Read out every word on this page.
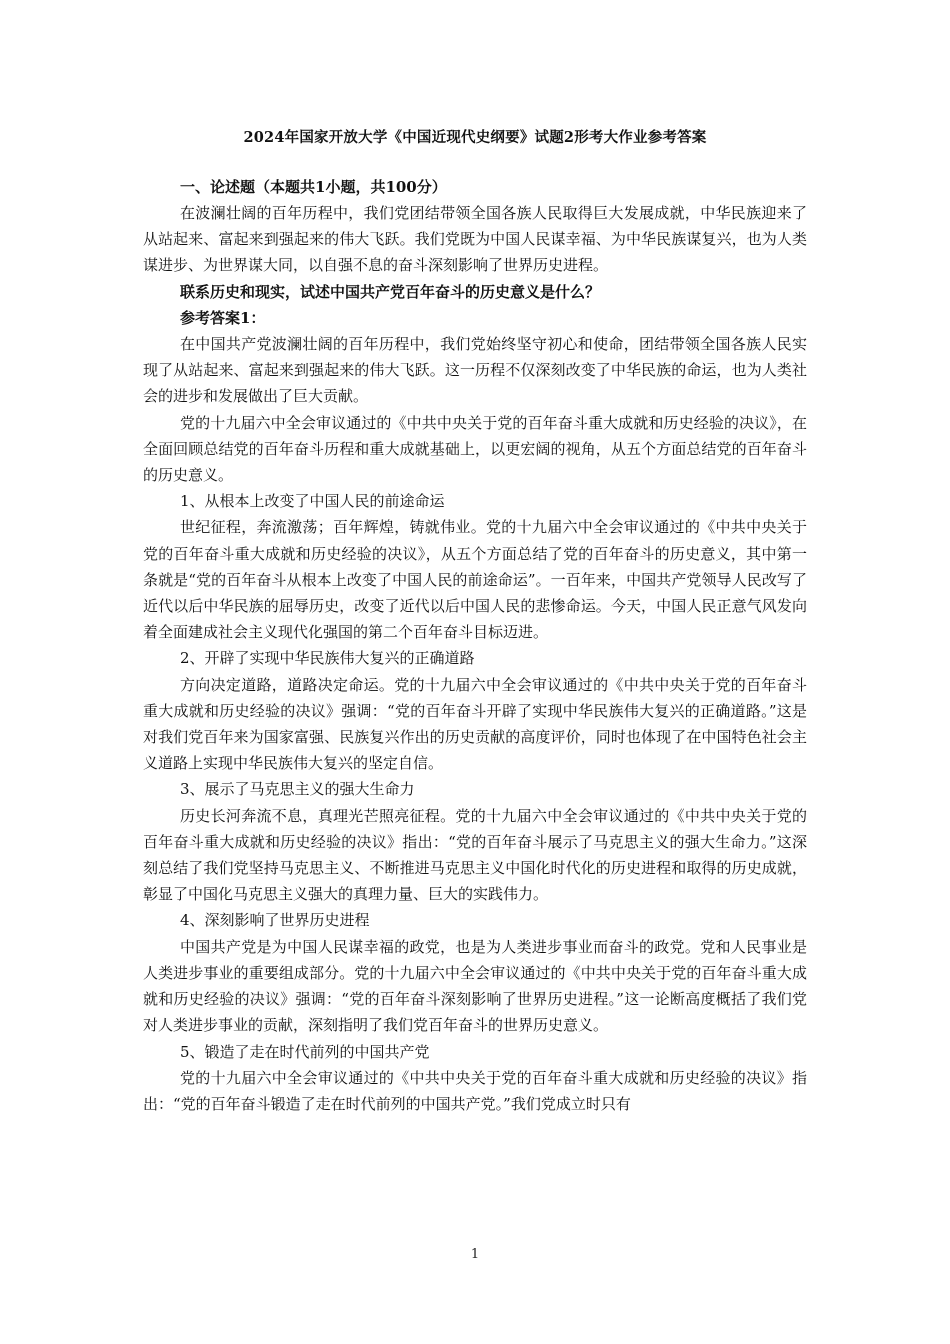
2024年国家开放大学《中国近现代史纲要》试题2形考大作业参考答案
一、论述题（本题共1小题，共100分）

在波澜壮阔的百年历程中，我们党团结带领全国各族人民取得巨大发展成就，中华民族迎来了从站起来、富起来到强起来的伟大飞跃。我们党既为中国人民谋幸福、为中华民族谋复兴，也为人类谋进步、为世界谋大同，以自强不息的奋斗深刻影响了世界历史进程。

联系历史和现实，试述中国共产党百年奋斗的历史意义是什么？

参考答案1：

在中国共产党波澜壮阔的百年历程中，我们党始终坚守初心和使命，团结带领全国各族人民实现了从站起来、富起来到强起来的伟大飞跃。这一历程不仅深刻改变了中华民族的命运，也为人类社会的进步和发展做出了巨大贡献。

党的十九届六中全会审议通过的《中共中央关于党的百年奋斗重大成就和历史经验的决议》，在全面回顾总结党的百年奋斗历程和重大成就基础上，以更宏阔的视角，从五个方面总结党的百年奋斗的历史意义。

1、从根本上改变了中国人民的前途命运

世纪征程，奔流激荡；百年辉煌，铸就伟业。党的十九届六中全会审议通过的《中共中央关于党的百年奋斗重大成就和历史经验的决议》，从五个方面总结了党的百年奋斗的历史意义，其中第一条就是“党的百年奋斗从根本上改变了中国人民的前途命运”。一百年来，中国共产党领导人民改写了近代以后中华民族的屈辱历史，改变了近代以后中国人民的悲惨命运。今天，中国人民正意气风发向着全面建成社会主义现代化强国的第二个百年奋斗目标迈进。

2、开辟了实现中华民族伟大复兴的正确道路

方向决定道路，道路决定命运。党的十九届六中全会审议通过的《中共中央关于党的百年奋斗重大成就和历史经验的决议》强调：“党的百年奋斗开辟了实现中华民族伟大复兴的正确道路。”这是对我们党百年来为国家富强、民族复兴作出的历史贡献的高度评价，同时也体现了在中国特色社会主义道路上实现中华民族伟大复兴的坚定自信。

3、展示了马克思主义的强大生命力

历史长河奔流不息，真理光芒照亮征程。党的十九届六中全会审议通过的《中共中央关于党的百年奋斗重大成就和历史经验的决议》指出：“党的百年奋斗展示了马克思主义的强大生命力。”这深刻总结了我们党坚持马克思主义、不断推进马克思主义中国化时代化的历史进程和取得的历史成就，彰显了中国化马克思主义强大的真理力量、巨大的实践伟力。

4、深刻影响了世界历史进程

中国共产党是为中国人民谋幸福的政党，也是为人类进步事业而奋斗的政党。党和人民事业是人类进步事业的重要组成部分。党的十九届六中全会审议通过的《中共中央关于党的百年奋斗重大成就和历史经验的决议》强调：“党的百年奋斗深刻影响了世界历史进程。”这一论断高度概括了我们党对人类进步事业的贡献，深刻指明了我们党百年奋斗的世界历史意义。

5、锻造了走在时代前列的中国共产党

党的十九届六中全会审议通过的《中共中央关于党的百年奋斗重大成就和历史经验的决议》指出：“党的百年奋斗锻造了走在时代前列的中国共产党。”我们党成立时只有

1
